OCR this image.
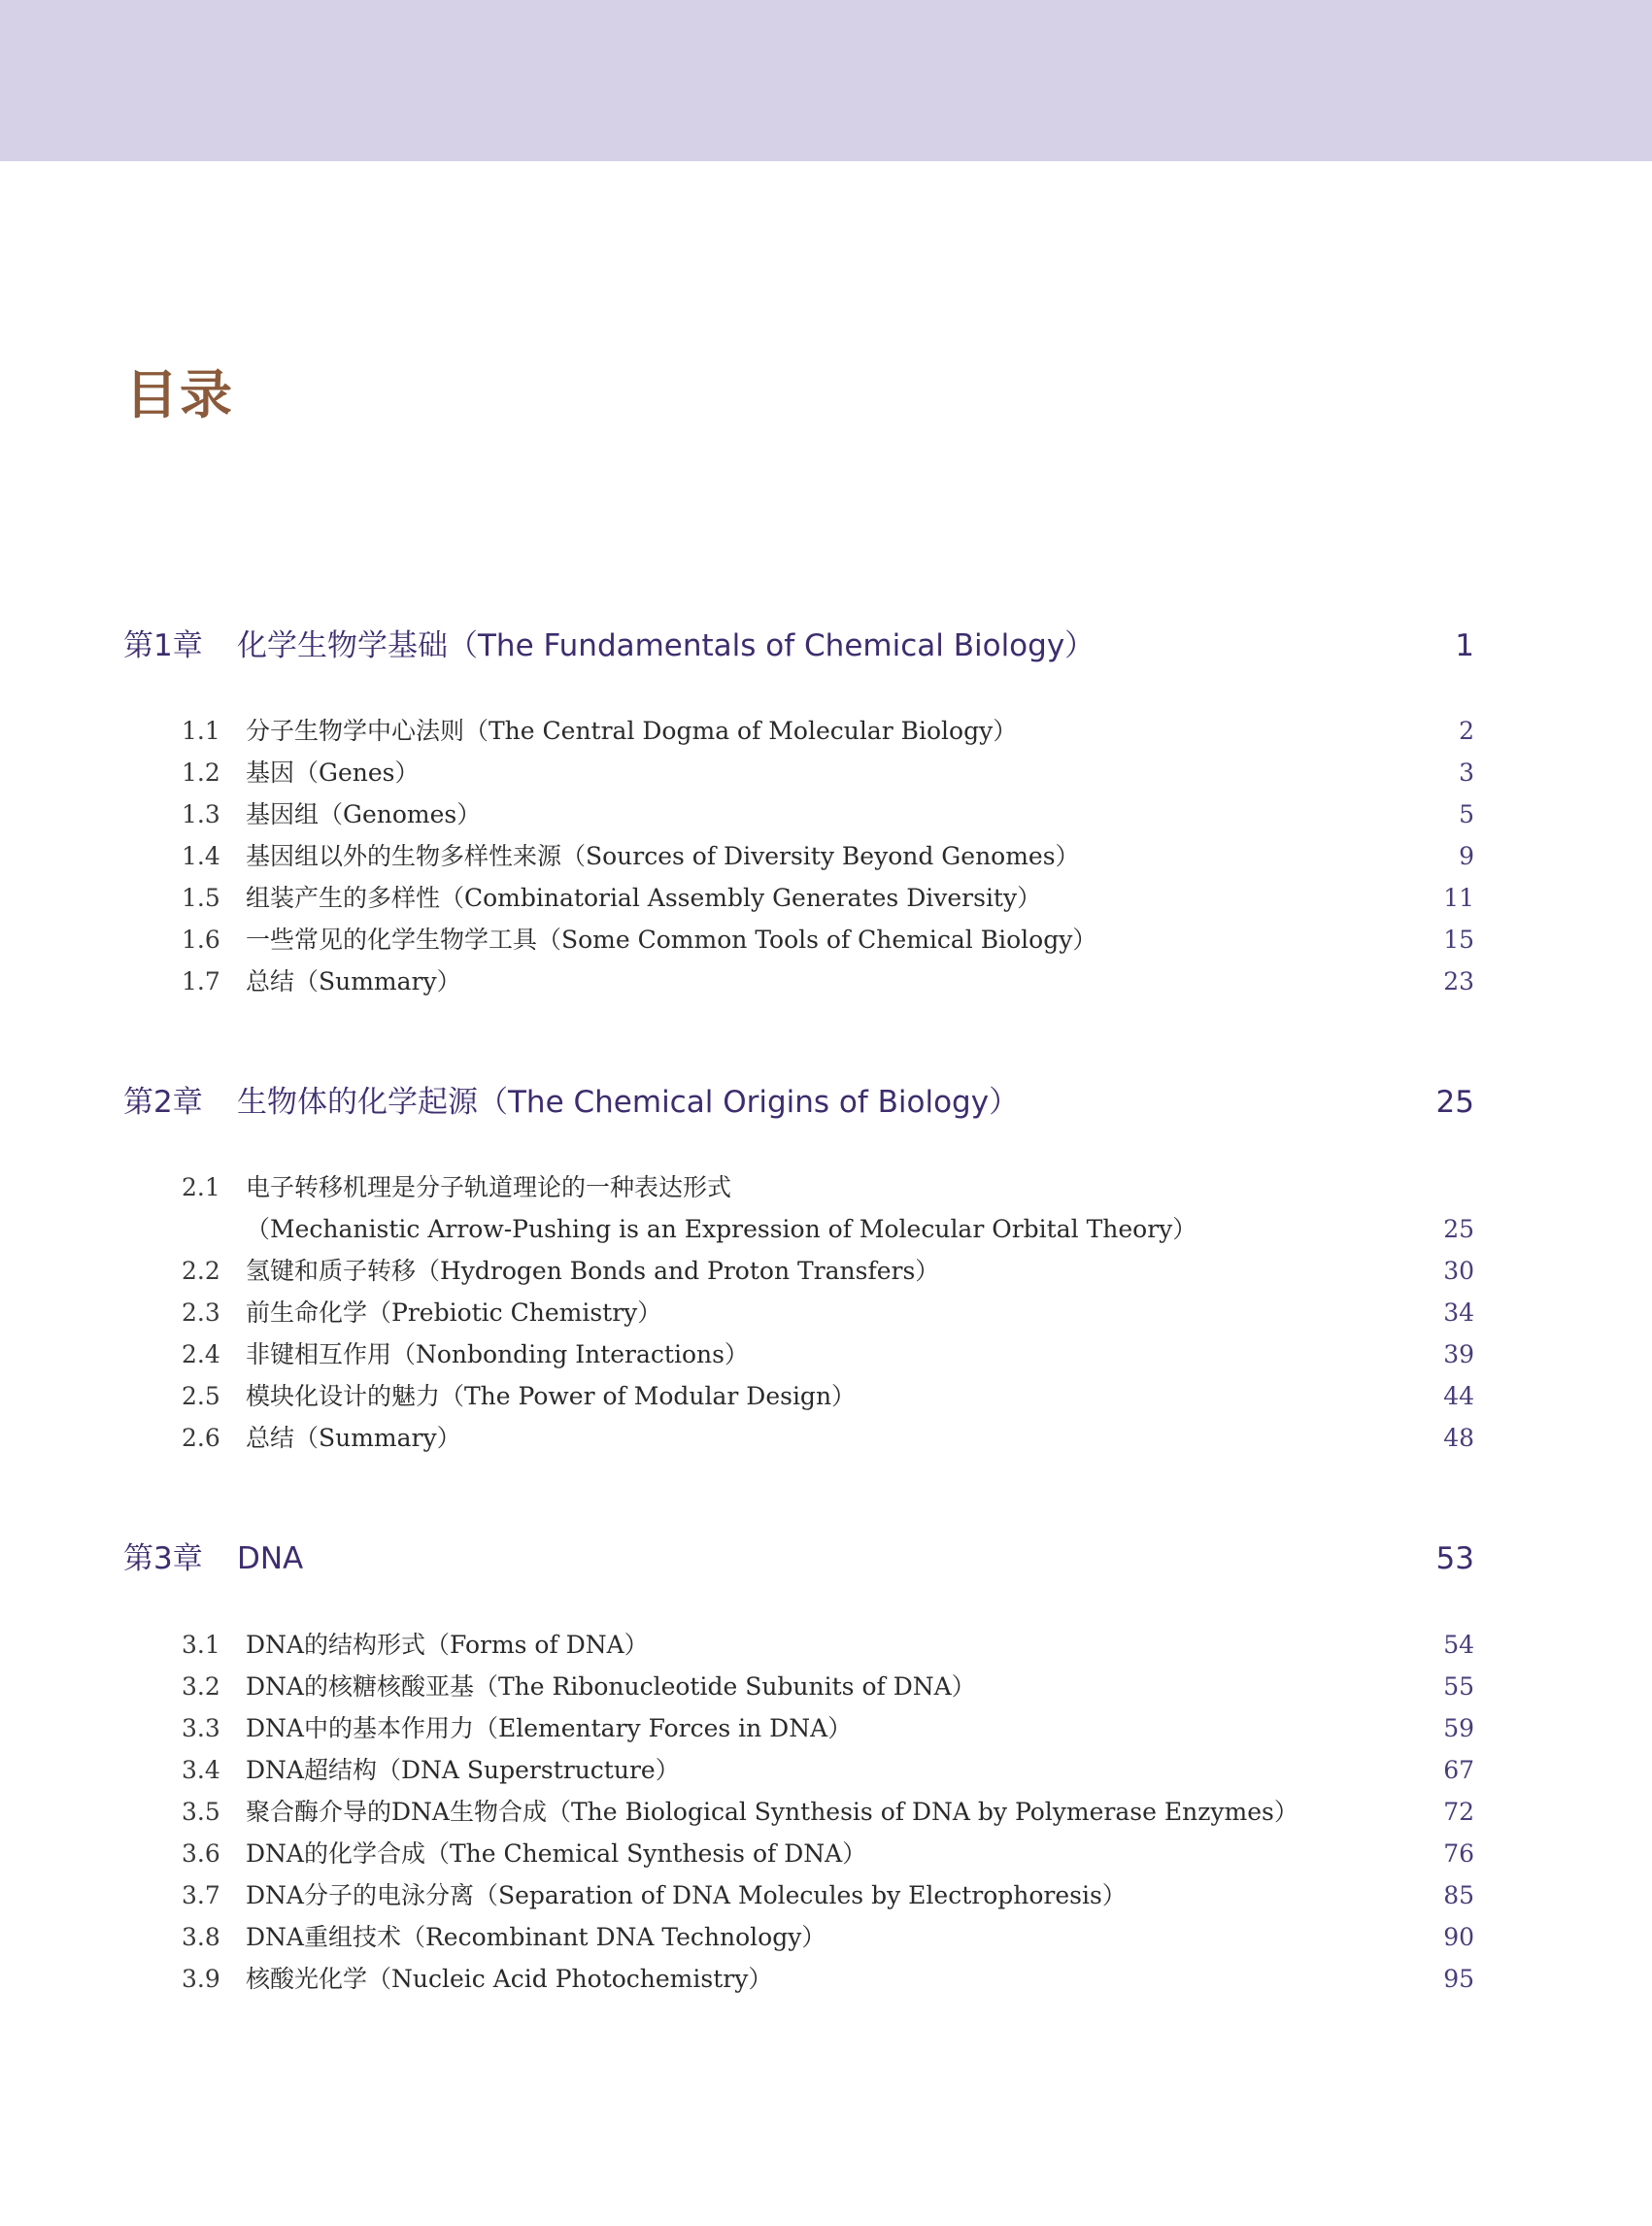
目录
第1章 化学生物学基础（The Fundamentals of Chemical Biology）	1
1.1 分子生物学中心法则（The Central Dogma of Molecular Biology）	2
1.2 基因（Genes）	3
1.3 基因组（Genomes）	5
1.4 基因组以外的生物多样性来源（Sources of Diversity Beyond Genomes）	9
1.5 组装产生的多样性（Combinatorial Assembly Generates Diversity）	11
1.6 一些常见的化学生物学工具（Some Common Tools of Chemical Biology）	15
1.7 总结（Summary）	23
第2章 生物体的化学起源（The Chemical Origins of Biology）	25
2.1 电子转移机理是分子轨道理论的一种表达形式
（Mechanistic Arrow-Pushing is an Expression of Molecular Orbital Theory）	25
2.2 氢键和质子转移（Hydrogen Bonds and Proton Transfers）	30
2.3 前生命化学（Prebiotic Chemistry）	34
2.4 非键相互作用（Nonbonding Interactions）	39
2.5 模块化设计的魅力（The Power of Modular Design）	44
2.6 总结（Summary）	48
第3章 DNA	53
3.1 DNA的结构形式（Forms of DNA）	54
3.2 DNA的核糖核酸亚基（The Ribonucleotide Subunits of DNA）	55
3.3 DNA中的基本作用力（Elementary Forces in DNA）	59
3.4 DNA超结构（DNA Superstructure）	67
3.5 聚合酶介导的DNA生物合成（The Biological Synthesis of DNA by Polymerase Enzymes）	72
3.6 DNA的化学合成（The Chemical Synthesis of DNA）	76
3.7 DNA分子的电泳分离（Separation of DNA Molecules by Electrophoresis）	85
3.8 DNA重组技术（Recombinant DNA Technology）	90
3.9 核酸光化学（Nucleic Acid Photochemistry）	95
